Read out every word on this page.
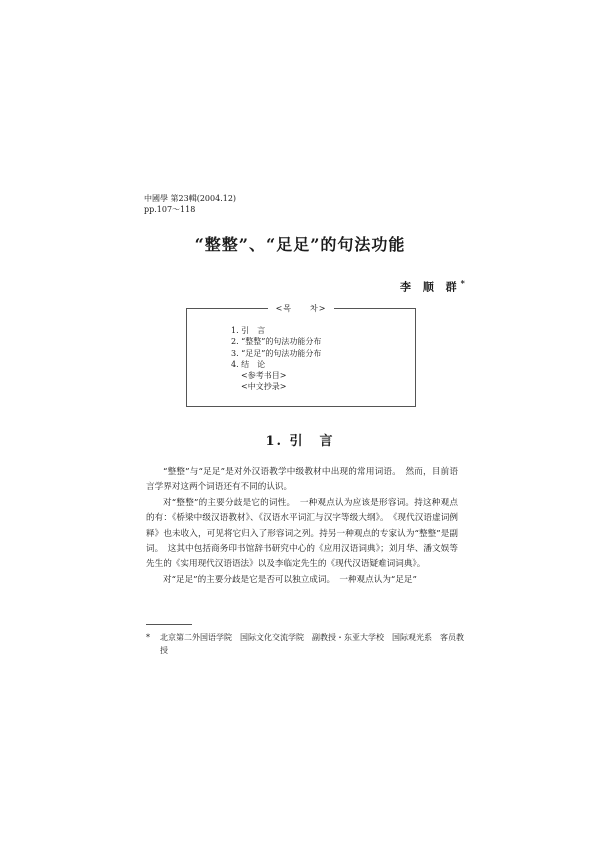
中國學 第23輯(2004.12)
pp.107～118
“整整”、“足足”的句法功能
李 顺 群*
<목　　차>
1. 引　言
2. “整整”的句法功能分布
3. “足足”的句法功能分布
4. 结　论
<参考书目>
<中文抄录>
1. 引　言

“整整”与“足足”是对外汉语教学中级教材中出现的常用词语。　然而，目前语言学界对这两个词语还有不同的认识。

对“整整”的主要分歧是它的词性。　一种观点认为应该是形容词。持这种观点的有：《桥梁中级汉语教材》、《汉语水平词汇与汉字等级大纲》。　《现代汉语虚词例释》也未收入，可见将它归入了形容词之列。持另一种观点的专家认为“整整”是副词。　这其中包括商务印书馆辞书研究中心的《应用汉语词典》；刘月华、潘文娱等先生的《实用现代汉语语法》以及李临定先生的《现代汉语疑难词词典》。

对“足足”的主要分歧是它是否可以独立成词。　一种观点认为“足足”

*	北京第二外国语学院　国际文化交流学院　副教授・东亚大学校　国际观光系　客员教授
